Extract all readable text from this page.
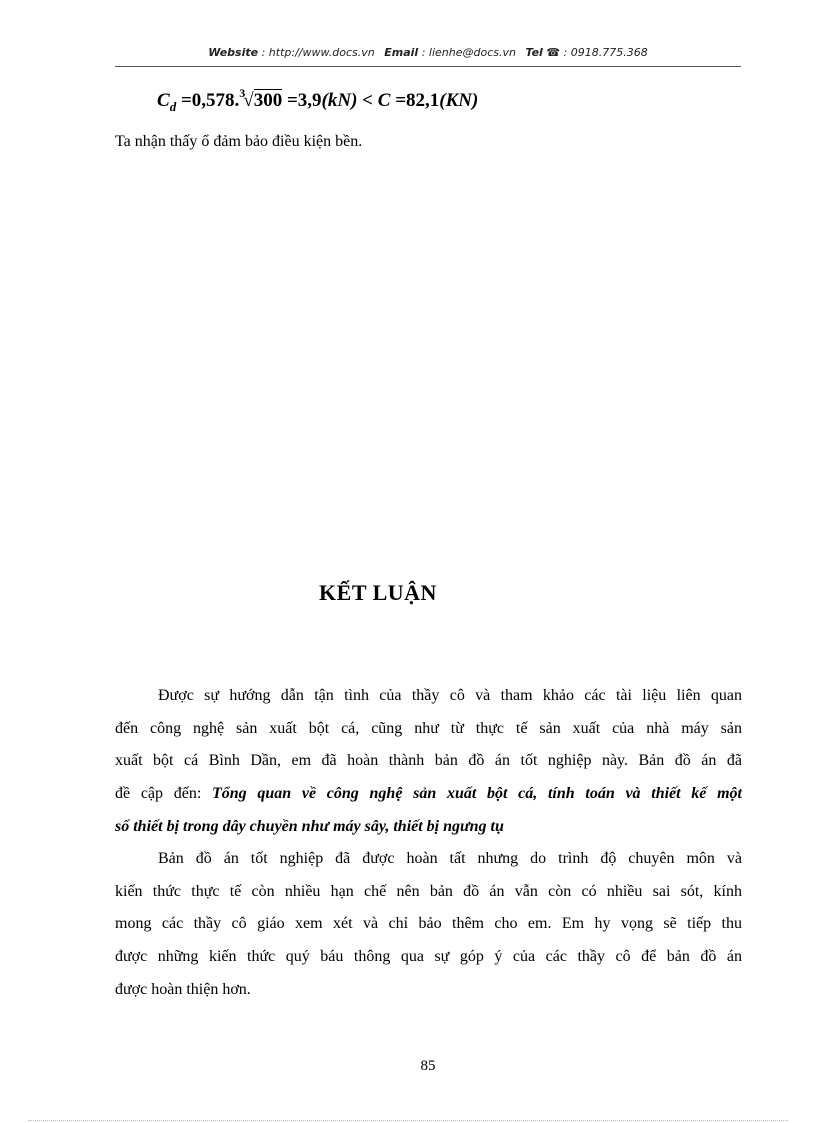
Website : http://www.docs.vn Email : lienhe@docs.vn Tel ☎ : 0918.775.368
$C_d =0,578.^3√300 =3,9(kN) < C =82,1(KN)$
Ta nhận thấy ổ đảm bảo điều kiện bền.
KẾT LUẬN
Được sự hướng dẫn tận tình của thầy cô và tham khảo các tài liệu liên quan
đến công nghệ sản xuất bột cá, cũng như từ thực tế sản xuất của nhà máy sản
xuất bột cá Bình Dần, em đã hoàn thành bản đồ án tốt nghiệp này. Bản đồ án đã
đề cập đến: Tổng quan về công nghệ sản xuất bột cá, tính toán và thiết kế một
số thiết bị trong dây chuyền như máy sây, thiết bị ngưng tụ
Bản đồ án tốt nghiệp đã được hoàn tất nhưng do trình độ chuyên môn và
kiến thức thực tế còn nhiều hạn chế nên bản đồ án vẫn còn có nhiều sai sót, kính
mong các thầy cô giáo xem xét và chỉ bảo thêm cho em. Em hy vọng sẽ tiếp thu
được những kiến thức quý báu thông qua sự góp ý của các thầy cô để bản đồ án
được hoàn thiện hơn.
85
